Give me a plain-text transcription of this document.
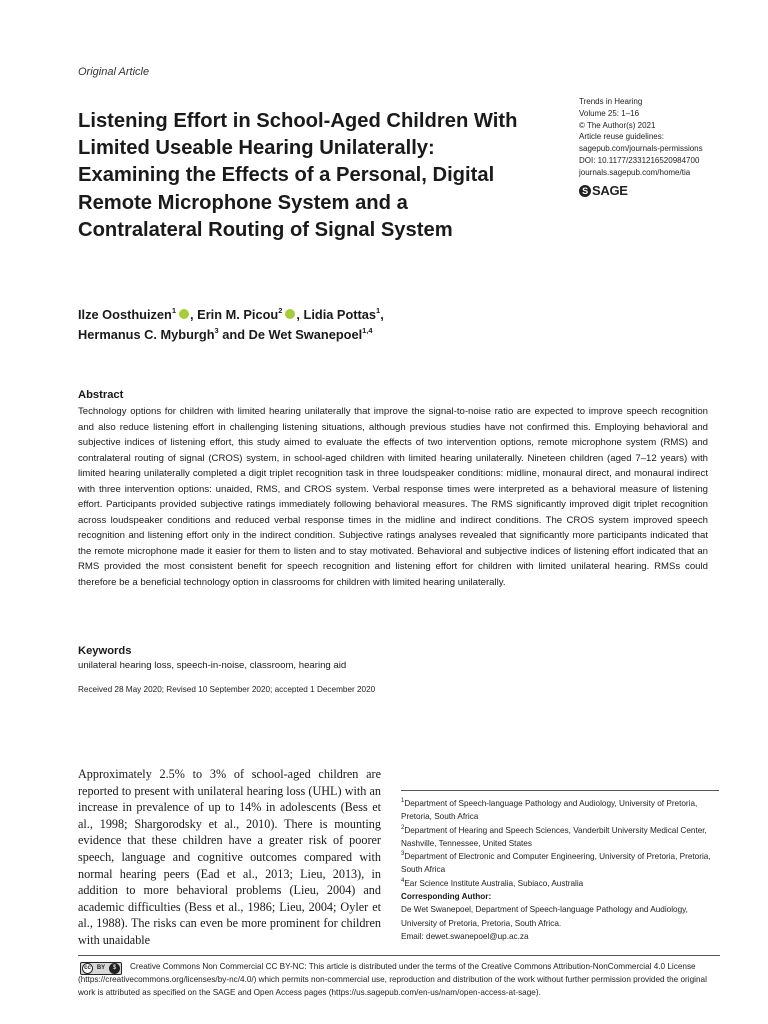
Original Article
Listening Effort in School-Aged Children With Limited Useable Hearing Unilaterally: Examining the Effects of a Personal, Digital Remote Microphone System and a Contralateral Routing of Signal System
Trends in Hearing
Volume 25: 1–16
© The Author(s) 2021
Article reuse guidelines:
sagepub.com/journals-permissions
DOI: 10.1177/2331216520984700
journals.sagepub.com/home/tia
S SAGE
Ilze Oosthuizen$^1$ , Erin M. Picou$^2$ , Lidia Pottas$^1$,
Hermanus C. Myburgh$^3$ and De Wet Swanepoel$^{1,4}$
Abstract

Technology options for children with limited hearing unilaterally that improve the signal-to-noise ratio are expected to improve speech recognition and also reduce listening effort in challenging listening situations, although previous studies have not confirmed this. Employing behavioral and subjective indices of listening effort, this study aimed to evaluate the effects of two intervention options, remote microphone system (RMS) and contralateral routing of signal (CROS) system, in school-aged children with limited hearing unilaterally. Nineteen children (aged 7–12 years) with limited hearing unilaterally completed a digit triplet recognition task in three loudspeaker conditions: midline, monaural direct, and monaural indirect with three intervention options: unaided, RMS, and CROS system. Verbal response times were interpreted as a behavioral measure of listening effort. Participants provided subjective ratings immediately following behavioral measures. The RMS significantly improved digit triplet recognition across loudspeaker conditions and reduced verbal response times in the midline and indirect conditions. The CROS system improved speech recognition and listening effort only in the indirect condition. Subjective ratings analyses revealed that significantly more participants indicated that the remote microphone made it easier for them to listen and to stay motivated. Behavioral and subjective indices of listening effort indicated that an RMS provided the most consistent benefit for speech recognition and listening effort for children with limited unilateral hearing. RMSs could therefore be a beneficial technology option in classrooms for children with limited hearing unilaterally.

Keywords
unilateral hearing loss, speech-in-noise, classroom, hearing aid
Received 28 May 2020; Revised 10 September 2020; accepted 1 December 2020

Approximately 2.5% to 3% of school-aged children are reported to present with unilateral hearing loss (UHL) with an increase in prevalence of up to 14% in adolescents (Bess et al., 1998; Shargorodsky et al., 2010). There is mounting evidence that these children have a greater risk of poorer speech, language and cognitive outcomes compared with normal hearing peers (Ead et al., 2013; Lieu, 2013), in addition to more behavioral problems (Lieu, 2004) and academic difficulties (Bess et al., 1986; Lieu, 2004; Oyler et al., 1988). The risks can even be more prominent for children with unaidable

$^1$Department of Speech-language Pathology and Audiology, University of Pretoria, Pretoria, South Africa
$^2$Department of Hearing and Speech Sciences, Vanderbilt University Medical Center, Nashville, Tennessee, United States
$^3$Department of Electronic and Computer Engineering, University of Pretoria, Pretoria, South Africa
$^4$Ear Science Institute Australia, Subiaco, Australia
Corresponding Author:
De Wet Swanepoel, Department of Speech-language Pathology and Audiology, University of Pretoria, Pretoria, South Africa.
Email: dewet.swanepoel@up.ac.za

Creative Commons Non Commercial CC BY-NC: This article is distributed under the terms of the Creative Commons Attribution-NonCommercial 4.0 License (https://creativecommons.org/licenses/by-nc/4.0/) which permits non-commercial use, reproduction and distribution of the work without further permission provided the original work is attributed as specified on the SAGE and Open Access pages (https://us.sagepub.com/en-us/nam/open-access-at-sage).

cc BY	$
